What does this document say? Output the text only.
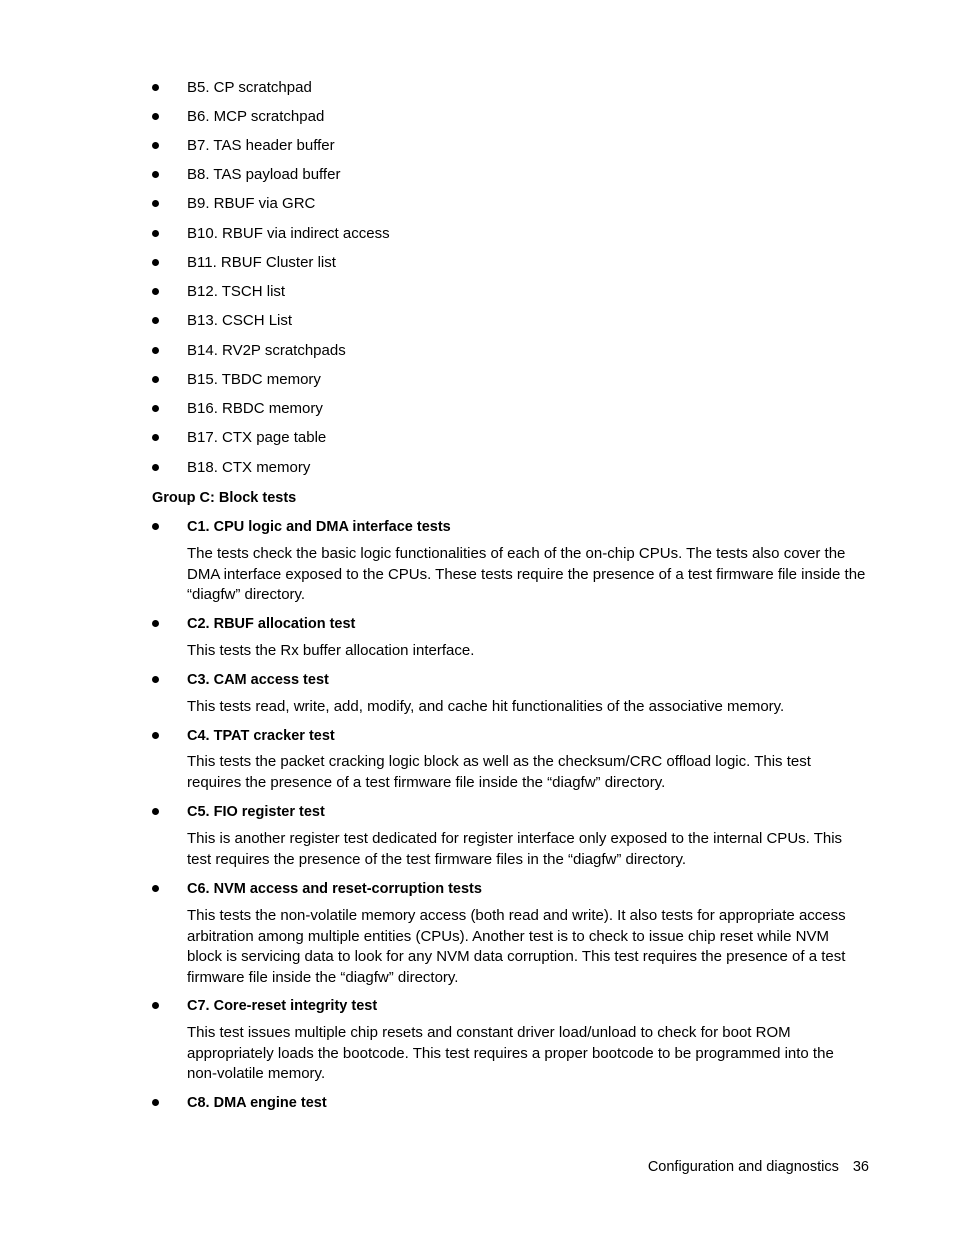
B5. CP scratchpad
B6. MCP scratchpad
B7. TAS header buffer
B8. TAS payload buffer
B9. RBUF via GRC
B10. RBUF via indirect access
B11. RBUF Cluster list
B12. TSCH list
B13. CSCH List
B14. RV2P scratchpads
B15. TBDC memory
B16. RBDC memory
B17. CTX page table
B18. CTX memory
Group C: Block tests
C1. CPU logic and DMA interface tests
The tests check the basic logic functionalities of each of the on-chip CPUs. The tests also cover the DMA interface exposed to the CPUs. These tests require the presence of a test firmware file inside the “diagfw” directory.
C2. RBUF allocation test
This tests the Rx buffer allocation interface.
C3. CAM access test
This tests read, write, add, modify, and cache hit functionalities of the associative memory.
C4. TPAT cracker test
This tests the packet cracking logic block as well as the checksum/CRC offload logic. This test requires the presence of a test firmware file inside the “diagfw” directory.
C5. FIO register test
This is another register test dedicated for register interface only exposed to the internal CPUs. This test requires the presence of the test firmware files in the “diagfw” directory.
C6. NVM access and reset-corruption tests
This tests the non-volatile memory access (both read and write). It also tests for appropriate access arbitration among multiple entities (CPUs). Another test is to check to issue chip reset while NVM block is servicing data to look for any NVM data corruption. This test requires the presence of a test firmware file inside the “diagfw” directory.
C7. Core-reset integrity test
This test issues multiple chip resets and constant driver load/unload to check for boot ROM appropriately loads the bootcode. This test requires a proper bootcode to be programmed into the non-volatile memory.
C8. DMA engine test
Configuration and diagnostics 36
